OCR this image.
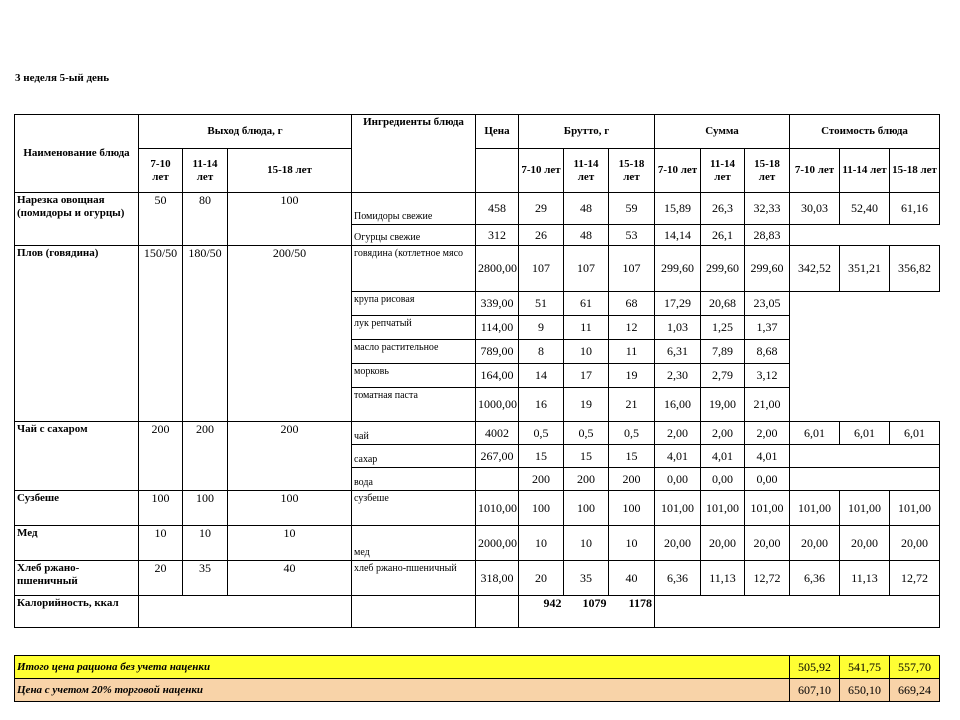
3 неделя 5-ый день
Наименование блюда	Выход блюда, г			Ингредиенты блюда	Цена	Брутто, г			Сумма			Стоимость блюда		
	7-10 лет	11-14 лет	15-18 лет			7-10 лет	11-14 лет	15-18 лет	7-10 лет	11-14 лет	15-18 лет	7-10 лет	11-14 лет	15-18 лет
Нарезка овощная (помидоры и огурцы)	50	80	100	Помидоры свежие	458	29	48	59	15,89	26,3	32,33	30,03	52,40	61,16
				Огурцы свежие	312	26	48	53	14,14	26,1	28,83			
Плов (говядина)	150/50	180/50	200/50	говядина (котлетное мясо	2800,00	107	107	107	299,60	299,60	299,60	342,52	351,21	356,82
				крупа рисовая	339,00	51	61	68	17,29	20,68	23,05			
				лук репчатый	114,00	9	11	12	1,03	1,25	1,37			
				масло растительное	789,00	8	10	11	6,31	7,89	8,68			
				морковь	164,00	14	17	19	2,30	2,79	3,12			
				томатная паста	1000,00	16	19	21	16,00	19,00	21,00			
Чай с сахаром	200	200	200	чай	4002	0,5	0,5	0,5	2,00	2,00	2,00	6,01	6,01	6,01
				сахар	267,00	15	15	15	4,01	4,01	4,01			
				вода		200	200	200	0,00	0,00	0,00			
Сузбеше	100	100	100	сузбеше	1010,00	100	100	100	101,00	101,00	101,00	101,00	101,00	101,00
Мед	10	10	10	мед	2000,00	10	10	10	20,00	20,00	20,00	20,00	20,00	20,00
Хлеб ржано-пшеничный	20	35	40	хлеб ржано-пшеничный	318,00	20	35	40	6,36	11,13	12,72	6,36	11,13	12,72
Калорийность, ккал						942	1079	1178						
Итого цена рациона без учета наценки	505,92	541,75	557,70
Цена с учетом 20% торговой наценки	607,10	650,10	669,24
